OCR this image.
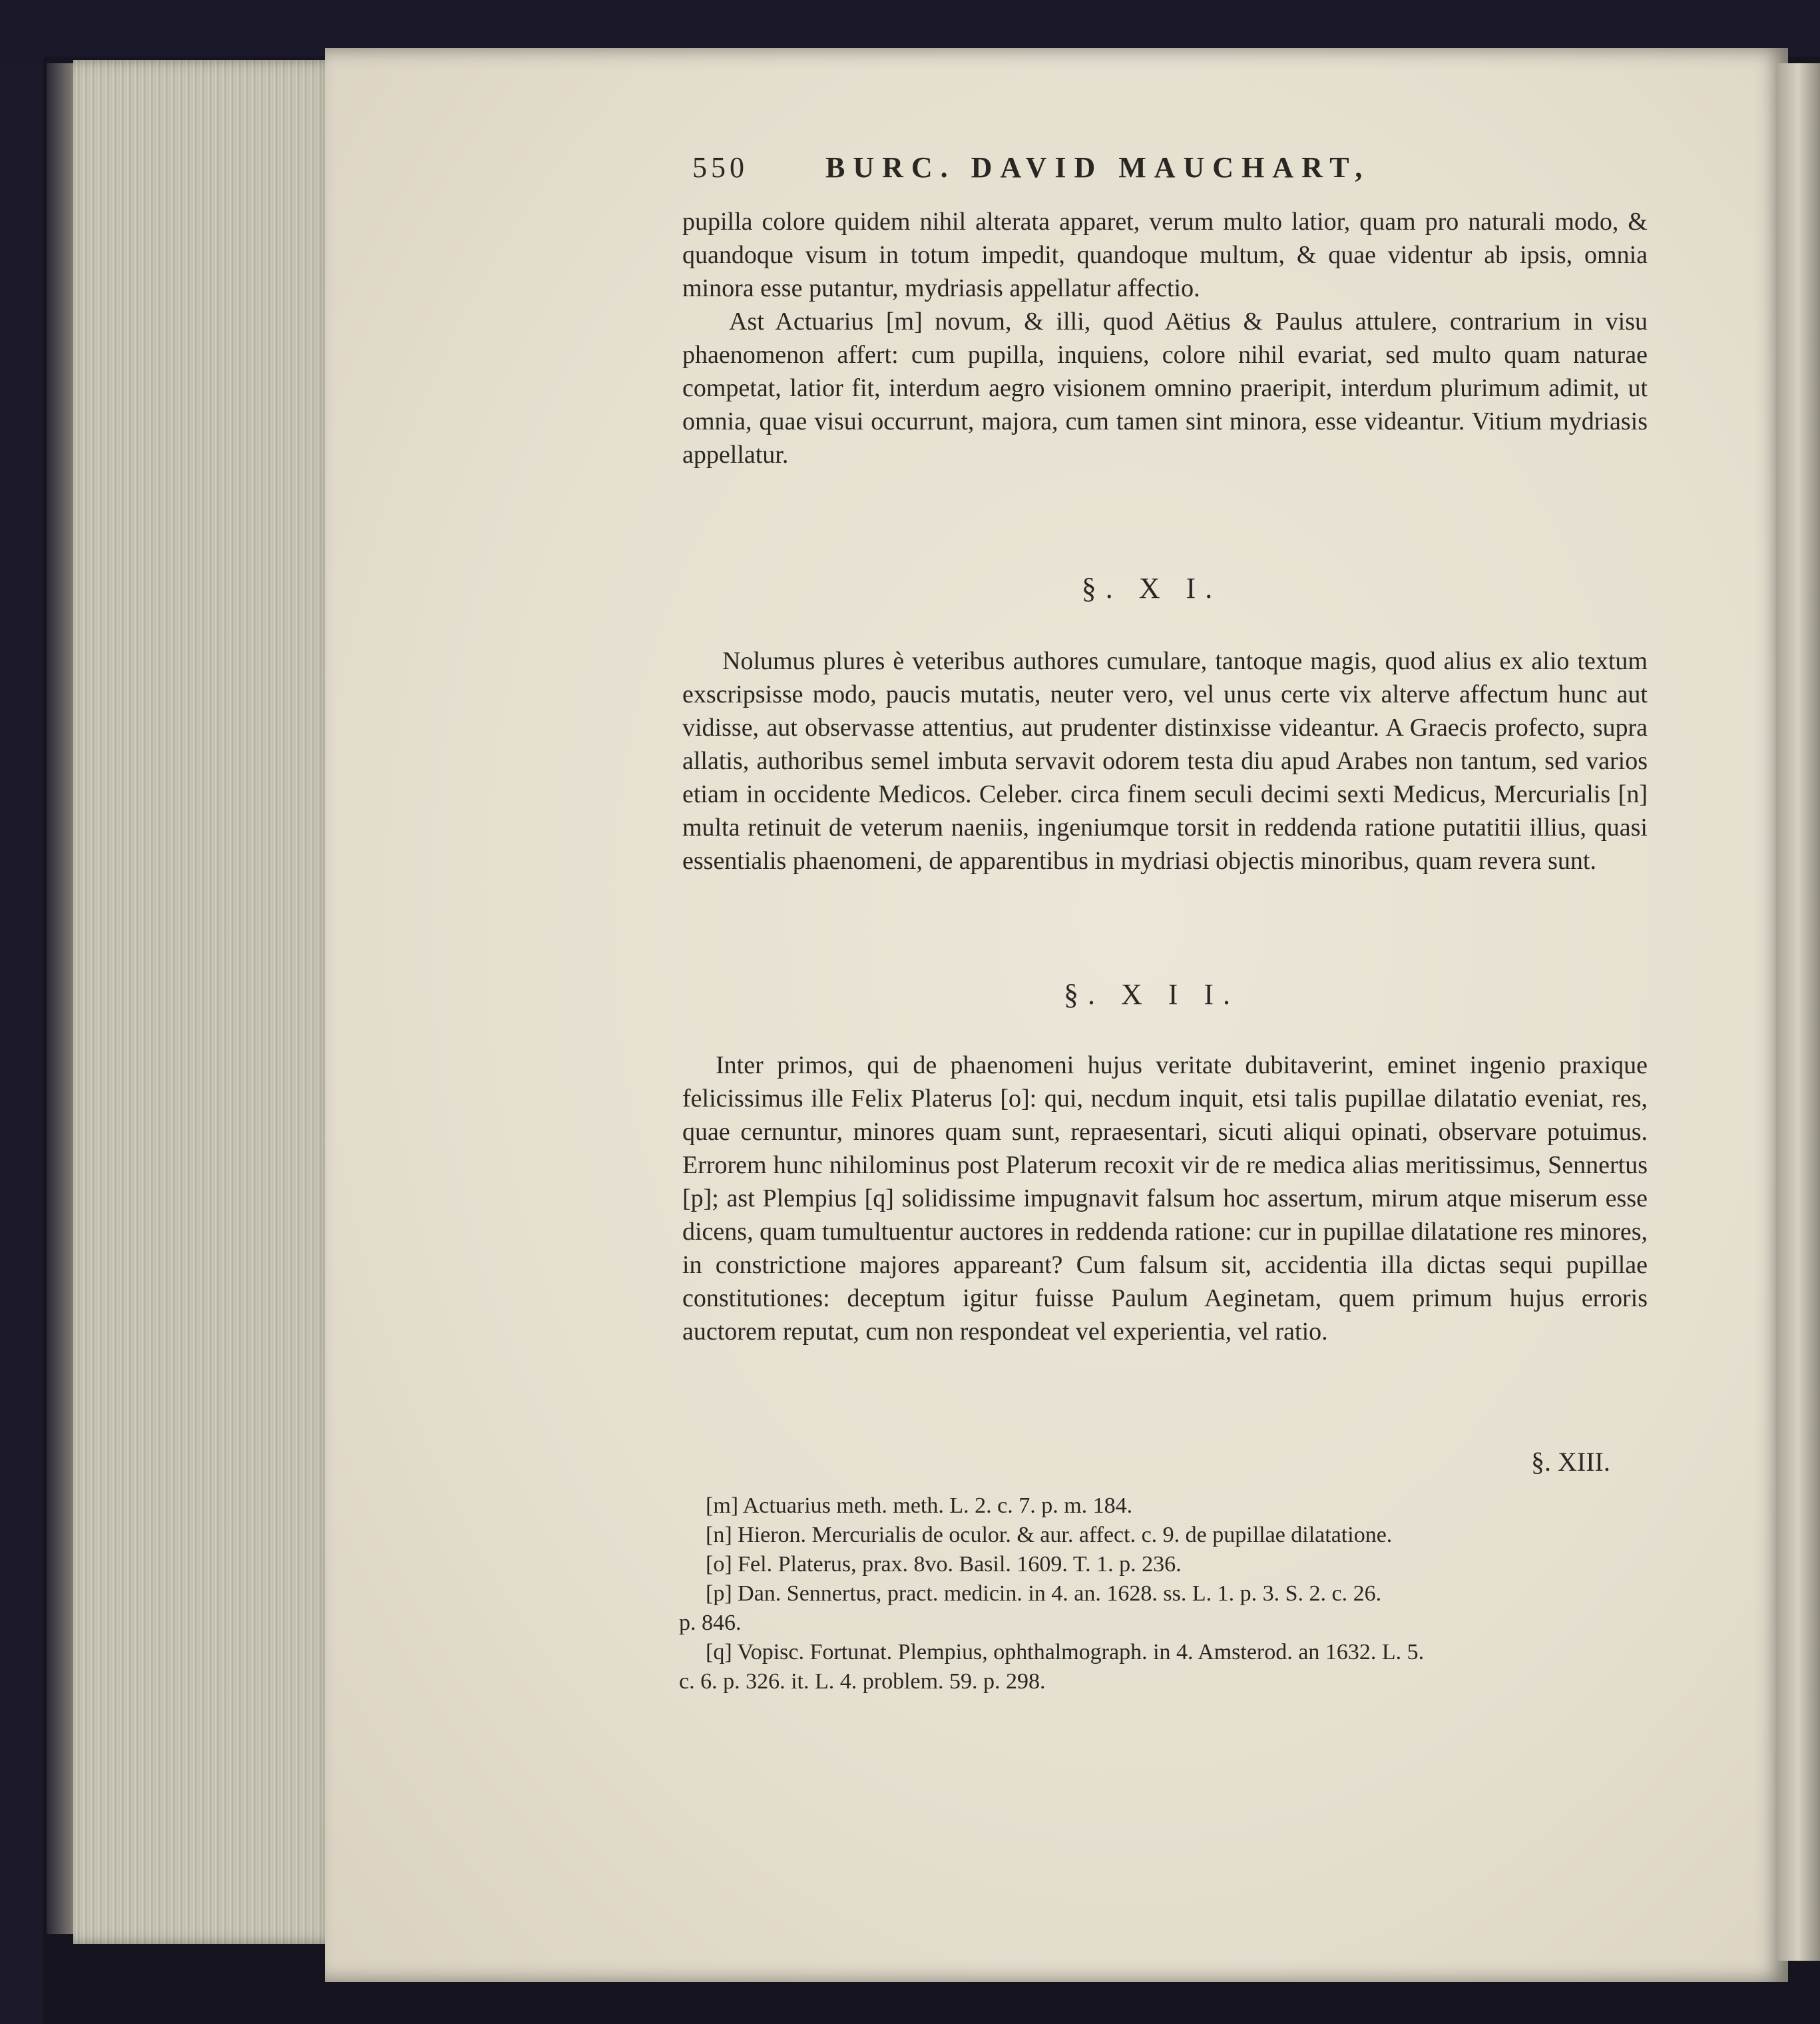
550	BURC. DAVID MAUCHART,

pupilla colore quidem nihil alterata apparet, verum multo latior, quam pro naturali modo, & quandoque visum in totum impedit, quandoque multum, & quae videntur ab ipsis, omnia minora esse putantur, mydriasis appellatur affectio.

Ast Actuarius [m] novum, & illi, quod Aëtius & Paulus attulere, contrarium in visu phaenomenon affert: cum pupilla, inquiens, colore nihil evariat, sed multo quam naturae competat, latior fit, interdum aegro visionem omnino praeripit, interdum plurimum adimit, ut omnia, quae visui occurrunt, majora, cum tamen sint minora, esse videantur. Vitium mydriasis appellatur.

§. X I.

Nolumus plures è veteribus authores cumulare, tantoque magis, quod alius ex alio textum exscripsisse modo, paucis mutatis, neuter vero, vel unus certe vix alterve affectum hunc aut vidisse, aut observasse attentius, aut prudenter distinxisse videantur. A Graecis profecto, supra allatis, authoribus semel imbuta servavit odorem testa diu apud Arabes non tantum, sed varios etiam in occidente Medicos. Celeber. circa finem seculi decimi sexti Medicus, Mercurialis [n] multa retinuit de veterum naeniis, ingeniumque torsit in reddenda ratione putatitii illius, quasi essentialis phaenomeni, de apparentibus in mydriasi objectis minoribus, quam revera sunt.

§. X I I.

Inter primos, qui de phaenomeni hujus veritate dubitaverint, eminet ingenio praxique felicissimus ille Felix Platerus [o]: qui, necdum inquit, etsi talis pupillae dilatatio eveniat, res, quae cernuntur, minores quam sunt, repraesentari, sicuti aliqui opinati, observare potuimus. Errorem hunc nihilominus post Platerum recoxit vir de re medica alias meritissimus, Sennertus [p]; ast Plempius [q] solidissime impugnavit falsum hoc assertum, mirum atque miserum esse dicens, quam tumultuentur auctores in reddenda ratione: cur in pupillae dilatatione res minores, in constrictione majores appareant? Cum falsum sit, accidentia illa dictas sequi pupillae constitutiones: deceptum igitur fuisse Paulum Aeginetam, quem primum hujus erroris auctorem reputat, cum non respondeat vel experientia, vel ratio.

§. XIII.

[m] Actuarius meth. meth. L. 2. c. 7. p. m. 184.

[n] Hieron. Mercurialis de oculor. & aur. affect. c. 9. de pupillae dilatatione.

[o] Fel. Platerus, prax. 8vo. Basil. 1609. T. 1. p. 236.

[p] Dan. Sennertus, pract. medicin. in 4. an. 1628. ss. L. 1. p. 3. S. 2. c. 26.

p. 846.

[q] Vopisc. Fortunat. Plempius, ophthalmograph. in 4. Amsterod. an 1632. L. 5.

c. 6. p. 326. it. L. 4. problem. 59. p. 298.
